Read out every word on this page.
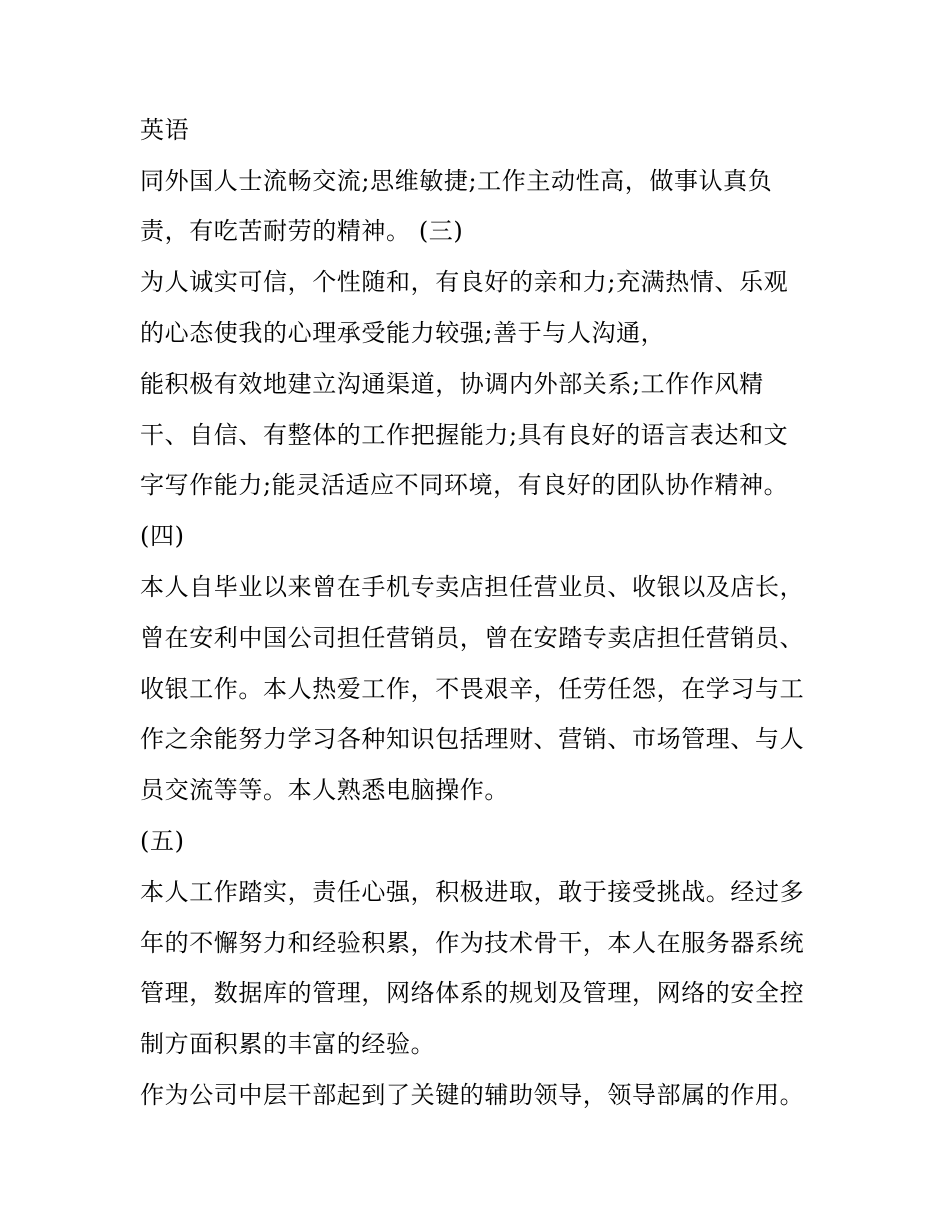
英语
同外国人士流畅交流;思维敏捷;工作主动性高，做事认真负
责，有吃苦耐劳的精神。 (三)
为人诚实可信，个性随和，有良好的亲和力;充满热情、乐观
的心态使我的心理承受能力较强;善于与人沟通，
能积极有效地建立沟通渠道，协调内外部关系;工作作风精
干、自信、有整体的工作把握能力;具有良好的语言表达和文
字写作能力;能灵活适应不同环境，有良好的团队协作精神。
(四)
本人自毕业以来曾在手机专卖店担任营业员、收银以及店长，
曾在安利中国公司担任营销员，曾在安踏专卖店担任营销员、
收银工作。本人热爱工作，不畏艰辛，任劳任怨，在学习与工
作之余能努力学习各种知识包括理财、营销、市场管理、与人
员交流等等。本人熟悉电脑操作。
(五)
本人工作踏实，责任心强，积极进取，敢于接受挑战。经过多
年的不懈努力和经验积累，作为技术骨干，本人在服务器系统
管理，数据库的管理，网络体系的规划及管理，网络的安全控
制方面积累的丰富的经验。
作为公司中层干部起到了关键的辅助领导，领导部属的作用。
